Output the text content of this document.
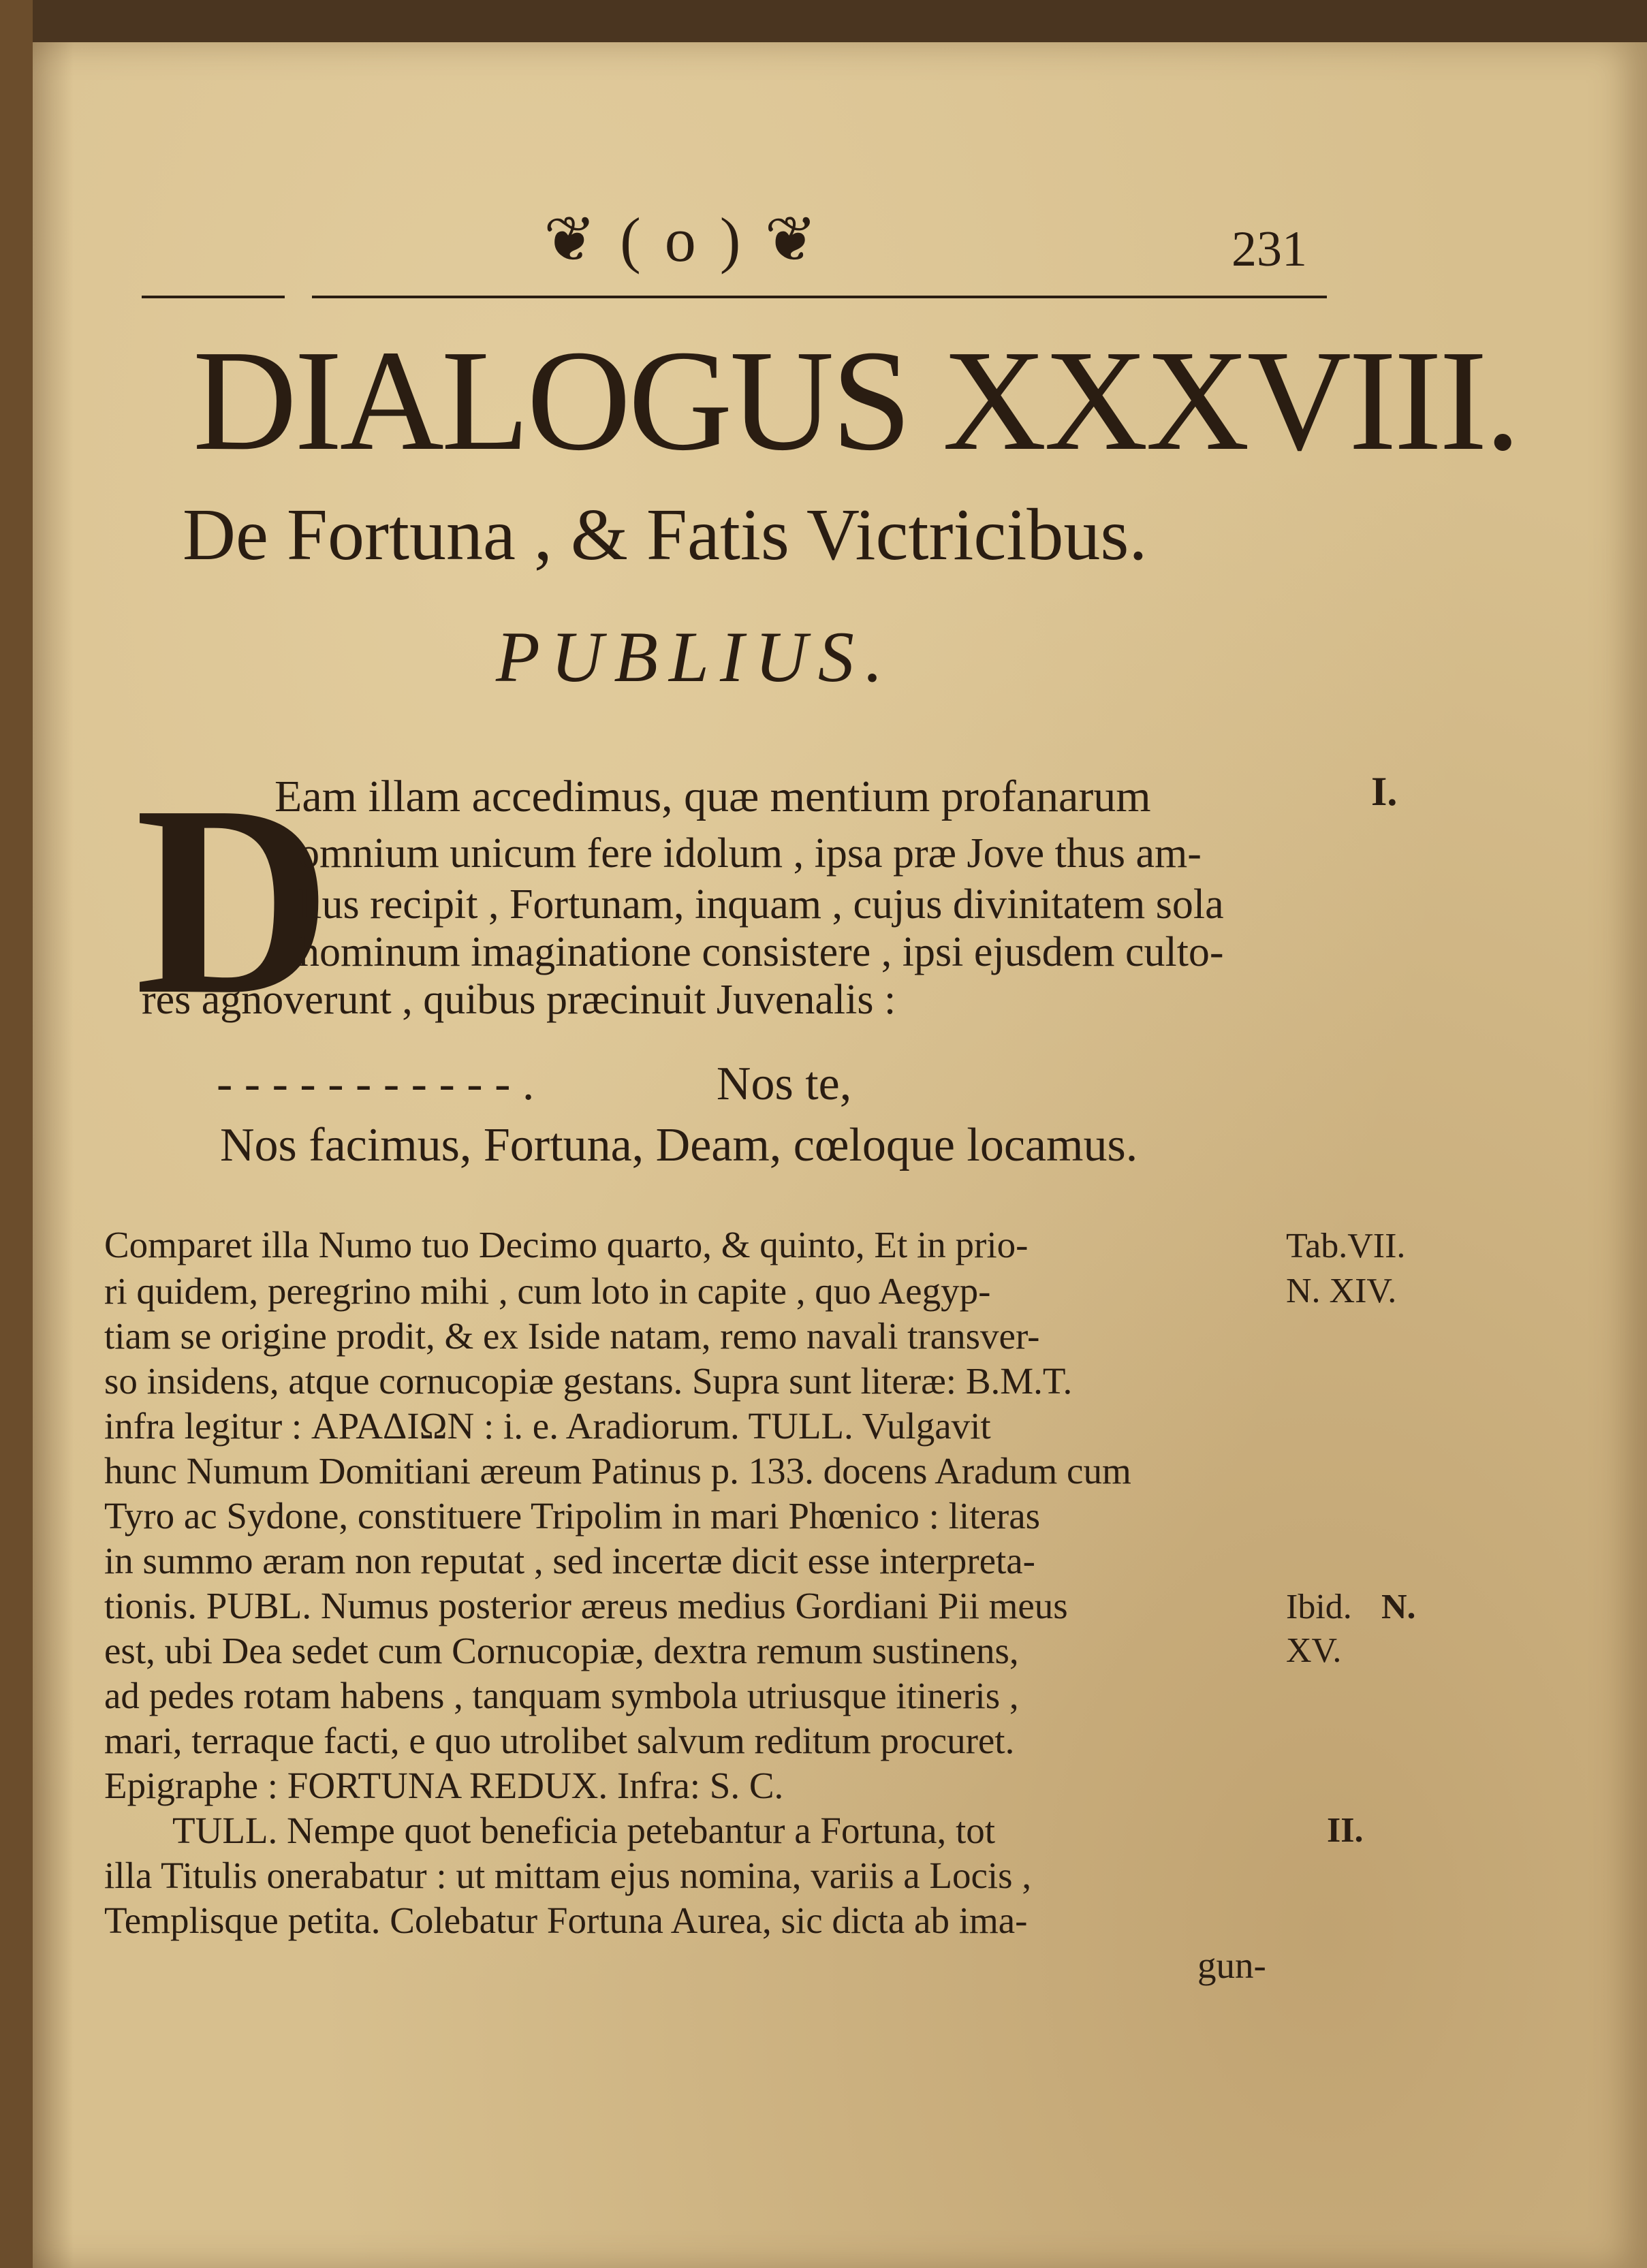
❦ ( o ) ❦	231
DIALOGUS XXXVIII.
De Fortuna , & Fatis Victricibus.
PUBLIUS.
D
Eam illam accedimus, quæ mentium profanarum
omnium unicum fere idolum , ipsa præ Jove thus am-
lius recipit , Fortunam, inquam , cujus divinitatem sola
hominum imaginatione consistere , ipsi ejusdem culto-
res agnoverunt , quibus præcinuit Juvenalis :
I.
- - - - - - - - - - - .	Nos te,
Nos facimus, Fortuna, Deam, cœloque locamus.
Comparet illa Numo tuo Decimo quarto, & quinto, Et in prio-
ri quidem, peregrino mihi , cum loto in capite , quo Aegyp-
tiam se origine prodit, & ex Iside natam, remo navali transver-
so insidens, atque cornucopiæ gestans. Supra sunt literæ: B.M.T.
infra legitur : ΑΡΑΔΙΩΝ : i. e. Aradiorum. TULL. Vulgavit
hunc Numum Domitiani æreum Patinus p. 133. docens Aradum cum
Tyro ac Sydone, constituere Tripolim in mari Phœnico : literas
in summo æram non reputat , sed incertæ dicit esse interpreta-
tionis. PUBL. Numus posterior æreus medius Gordiani Pii meus
est, ubi Dea sedet cum Cornucopiæ, dextra remum sustinens,
ad pedes rotam habens , tanquam symbola utriusque itineris ,
mari, terraque facti, e quo utrolibet salvum reditum procuret.
Epigraphe : FORTUNA REDUX. Infra: S. C.
TULL. Nempe quot beneficia petebantur a Fortuna, tot
illa Titulis onerabatur : ut mittam ejus nomina, variis a Locis ,
Templisque petita. Colebatur Fortuna Aurea, sic dicta ab ima-
gun-
Tab.VII.
N. XIV.
Ibid. N.
XV.
II.
